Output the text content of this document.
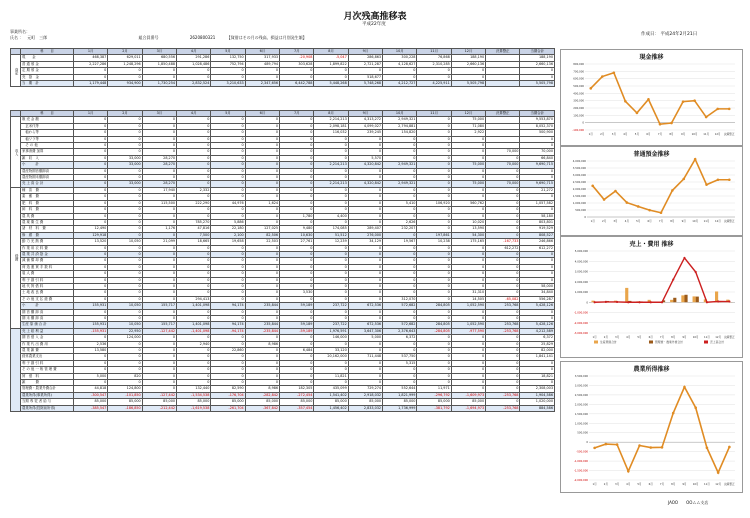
月次残高推移表
平成22年度
事業所名：
氏名 ：　元町　三郎	組合員番号	2620800321	【貸借はその月の残高、損益は月別発生額】
作成日： 平成24年2月21日
	科　　目	1月	2月	3月	4月	5月	6月	7月	8月	9月	10月	11月	12月	決算整正	当期合計
資産	現　　金	468,387	629,011	680,556	291,286	132,750	317,933	-20,908	-5,047	286,863	300,228	76,868	188,190		188,190
	普 通 預 金	2,227,286	1,248,296	1,850,488	1,028,486	752,794	489,794	303,628	1,899,822	2,721,287	4,128,627	2,310,285	2,660,136		2,660,136
	定 期 預 金	0	0	0	0	0	0	0	0	0	0	0	0		0
	売　掛　金	0	0	0	0	0	0	0	0	518,677	0	0	0		0
	当　期　計	1,179,448	934,900	1,730,254	2,832,524	3,210,633	2,347,656	6,442,788	5,448,268	5,748,268	4,212,727	4,225,911	5,505,798		5,505,798
	科　　目	1月	2月	3月	4月	5月	6月	7月	8月	9月	10月	11月	12月	決算整正	当期合計
収入	販 売 金 額	0	0	0	0	0	0	0	2,214,213	4,313,272	2,949,321	0	75,000		9,553,870
	　玄米代等	0	0	0	0	0	0	0	2,098,181	4,099,027	2,794,881	0	71,080		8,052,370
	　稲わら等	0	0	0	0	0	0	0	116,032	239,245	154,820	0	2,922		500,900
	　稲ワラ等	0	0	0	0	0	0	0	0	0	0	0	0		0
	　そ の 他	0	0	0	0	0	0	0	0	0	0	0	0		0
	家事消費 加算	0	0	0	0	0	0	0	0	0	0	0	0	70,000	70,000
	雑　収　入	0	33,000	28,270	0	0	0	0	0	5,570	0	0	0	0	66,840
	小　　　計	0	33,000	28,270	0	0	0	0	2,214,213	4,320,842	2,949,321	0	75,000	70,000	9,690,715
	農産物期首棚卸高	0	0	0	0	0	0	0	0	0	0	0	0	0	0
	農産物期末棚卸高	0	0	0	0	0	0	0	0	0	0	0	0	0	0
	売 上 高 合 計	0	33,000	28,270	0	0	0	0	2,214,213	4,320,842	2,949,321	0	75,000	70,000	9,690,715
経費	種　苗　費	0	0	17,940	2,332	0	0	0	0	0	0	0	0	0	21,272
	素　畜　費	0	0	0	0	0	0	0	0	0	0	0	0	0	0
	肥　料　費	0	0	115,500	222,290	44,976	1,624	0	0	0	5,410	106,920	560,762	0	1,057,582
	飼　料　費	0	0	0	0	0	0	0	0	0	0	0	0	0	0
	農 具 費	0	0	0	0	0	0	1,780	4,400	0	0	0	0	0	58,180
	農 薬 衛 生 費	0	0	0	785,270	5,886	0	0	0	0	2,626	0	10,020	0	803,801
	諸　材　料　費	12,490	0	1,176	47,816	22,180	127,025	9,480	174,085	289,407	232,207	0	13,590	0	919,529
	修　繕　費	129,918	0	0	7,500	2,100	82,506	10,630	51,512	276,000	0	197,861	54,300	0	808,527
	動 力 光 熱 費	13,520	10,050	21,099	18,665	19,658	22,503	27,761	12,239	34,129	19,567	10,238	175,165	-167,733	246,866
	作 業 用 衣 料 費	0	0	0	0	0	0	0	0	0	0	0	0	612,272	612,272
	農 業 共 済 掛 金	0	0	0	0	0	0	0	0	0	0	0	0	0	0
	減 価 償 却 費	0	0	0	0	0	0	0	0	0	0	0	0	0	0
	荷 造 運 賃 手 数 料	0	0	0	0	0	0	0	0	0	0	0	0	0	0
	雇 人 費	0	0	0	0	0	0	0	0	0	0	0	0	0	0
	利 子 割 引 料	0	0	0	0	0	0	0	0	0	0	0	0	0	0
	地 代 賃 借 料	0	0	0	0	0	0	0	0	0	0	0	0	0	58,000
	土 地 改 良 費	0	0	0	0	0	0	3,530	0	0	0	0	31,310	0	34,840
	そ の 他 支 払 経 費	0	0	0	294,413	0	0	0	0	0	312,070	0	14,505	-65,082	556,287
	小　　　計	155,931	10,050	155,717	1,401,098	94,174	235,844	59,189	237,722	672,536	572,682	284,805	1,052,590	253,768	5,428,126
	期 首 棚 卸 高	0	0	0	0	0	0	0	0	0	0	0	0	0	0
	期 末 棚 卸 高	0	0	0	0	0	0	0	0	0	0	0	0	0	0
	生産 原 価 合 計	155,931	10,050	155,717	1,401,098	94,174	235,844	59,189	237,722	672,536	572,682	284,805	1,052,590	253,768	5,428,126
	売 上 総 利 益	-155,931	22,950	-127,442	-1,401,098	-94,174	-235,844	-59,189	1,976,591	3,647,306	2,376,643	-284,805	-977,590	-253,768	4,212,589
	期 首 借 入 金	0	124,000	0	0	0	0	0	146,000	5,000	6,372	0	0	0	6,372
	作 業 代 出 費 用	2,536	0	0	2,940	0	8,986	0	0	0	0	0	0	0	25,829
	農 業 雑 費	13,580	0	0	0	22,860	0	6,484	33,120	0	0	0	0	0	82,000
	経常農業支出	0	0	0	0	0	0	0	20,162,000	711,448	537,750	0	0	0	1,841,141
	利 子 割 引 料	0	0	0	0	0	0	0	0	0	5,315	0	0	0	0
	そ の 他 一 般 管 理 費	0	0	0	0	0	0	0	0	0	0	0	0	0	0
	賃　借　料	5,000	820	0	0	0	0	0	11,821	0	0	0	0	0	18,821
	雑　　　費	0	0	0	0	0	0	0	0	0	0	0	0	0	0
	管理費・農業外費合計	44,818	124,800	0	132,440	82,590	8,986	182,305	435,099	729,274	552,644	11,971	0	0	2,308,003
	農業所得(事業所得)	-300,547	-101,850	-127,442	-1,534,538	-176,704	-282,842	-272,454	1,541,402	2,918,032	1,821,999	-296,792	-1,609,973	-253,768	1,904,586
	当期 専 従 者 給 与	85,000	85,000	85,000	85,000	85,000	85,000	85,000	85,000	85,000	85,000	85,000	85,000	0	1,020,000
	農業所得(控除前所得)	-385,547	-186,850	-212,442	-1,619,538	-261,704	-367,842	-357,454	1,456,402	2,833,032	1,736,999	-381,792	-1,694,973	-253,768	884,586
現金推移
800,000
700,000
600,000
500,000
400,000
300,000
200,000
100,000
0
-100,000
1月	2月	3月	4月	5月	6月	7月	8月	9月 10月 11月 12月 決算整正
普通預金推移
4,000,000
3,500,000
3,000,000
2,500,000
2,000,000
1,500,000
1,000,000
500,000
0
1月	2月	3月	4月	5月	6月	7月	8月	9月 10月 11月 12月 決算整正
売上・費用 推移
5,000,000
4,000,000
3,000,000
2,000,000
1,000,000
0
-1,000,000
-2,000,000
-3,000,000
1月	2月	3月	4月	5月	6月	7月	8月	9月 10月 11月 12月 決算整正
生産原価合計	管理費・農業外費合計	売上高合計
農業所得推移
3,500,000
3,000,000
2,500,000
2,000,000
1,500,000
1,000,000
500,000
0
-500,000
-1,000,000
-1,500,000
-2,000,000
1月	2月	3月	4月	5月	6月	7月	8月	9月 10月 11月 12月 決算整正
JAOO　　OOムム支店
